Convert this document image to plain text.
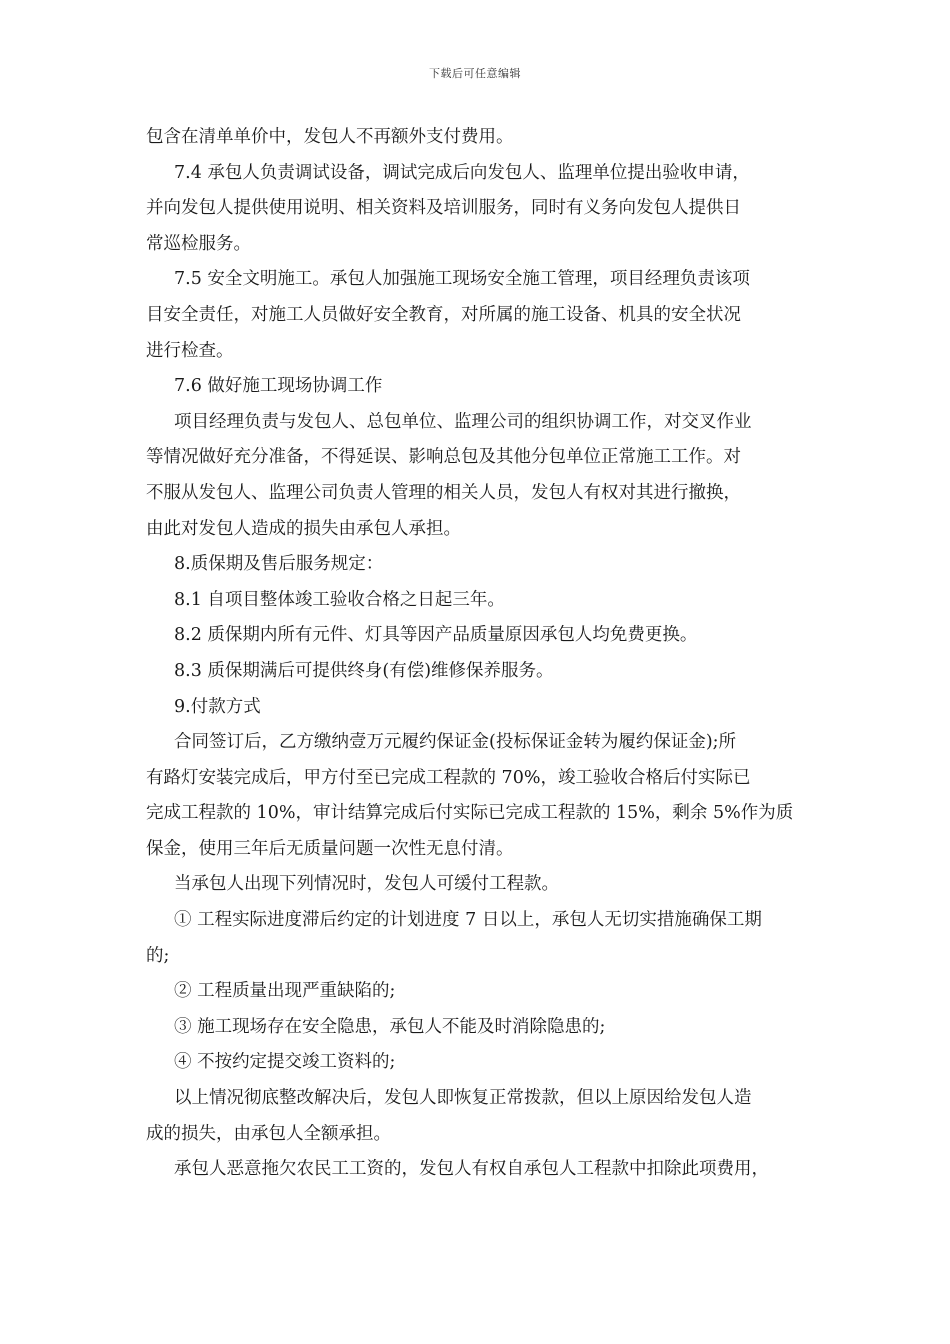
下载后可任意编辑
包含在清单单价中，发包人不再额外支付费用。
7.4 承包人负责调试设备，调试完成后向发包人、监理单位提出验收申请，
并向发包人提供使用说明、相关资料及培训服务，同时有义务向发包人提供日
常巡检服务。
7.5 安全文明施工。承包人加强施工现场安全施工管理，项目经理负责该项
目安全责任，对施工人员做好安全教育，对所属的施工设备、机具的安全状况
进行检查。
7.6 做好施工现场协调工作
项目经理负责与发包人、总包单位、监理公司的组织协调工作，对交叉作业
等情况做好充分准备，不得延误、影响总包及其他分包单位正常施工工作。对
不服从发包人、监理公司负责人管理的相关人员，发包人有权对其进行撤换，
由此对发包人造成的损失由承包人承担。
8.质保期及售后服务规定：
8.1 自项目整体竣工验收合格之日起三年。
8.2 质保期内所有元件、灯具等因产品质量原因承包人均免费更换。
8.3 质保期满后可提供终身(有偿)维修保养服务。
9.付款方式
合同签订后，乙方缴纳壹万元履约保证金(投标保证金转为履约保证金);所
有路灯安装完成后，甲方付至已完成工程款的 70%，竣工验收合格后付实际已
完成工程款的 10%，审计结算完成后付实际已完成工程款的 15%，剩余 5%作为质
保金，使用三年后无质量问题一次性无息付清。
当承包人出现下列情况时，发包人可缓付工程款。
① 工程实际进度滞后约定的计划进度 7 日以上，承包人无切实措施确保工期
的;
② 工程质量出现严重缺陷的;
③ 施工现场存在安全隐患，承包人不能及时消除隐患的;
④ 不按约定提交竣工资料的;
以上情况彻底整改解决后，发包人即恢复正常拨款，但以上原因给发包人造
成的损失，由承包人全额承担。
承包人恶意拖欠农民工工资的，发包人有权自承包人工程款中扣除此项费用，
